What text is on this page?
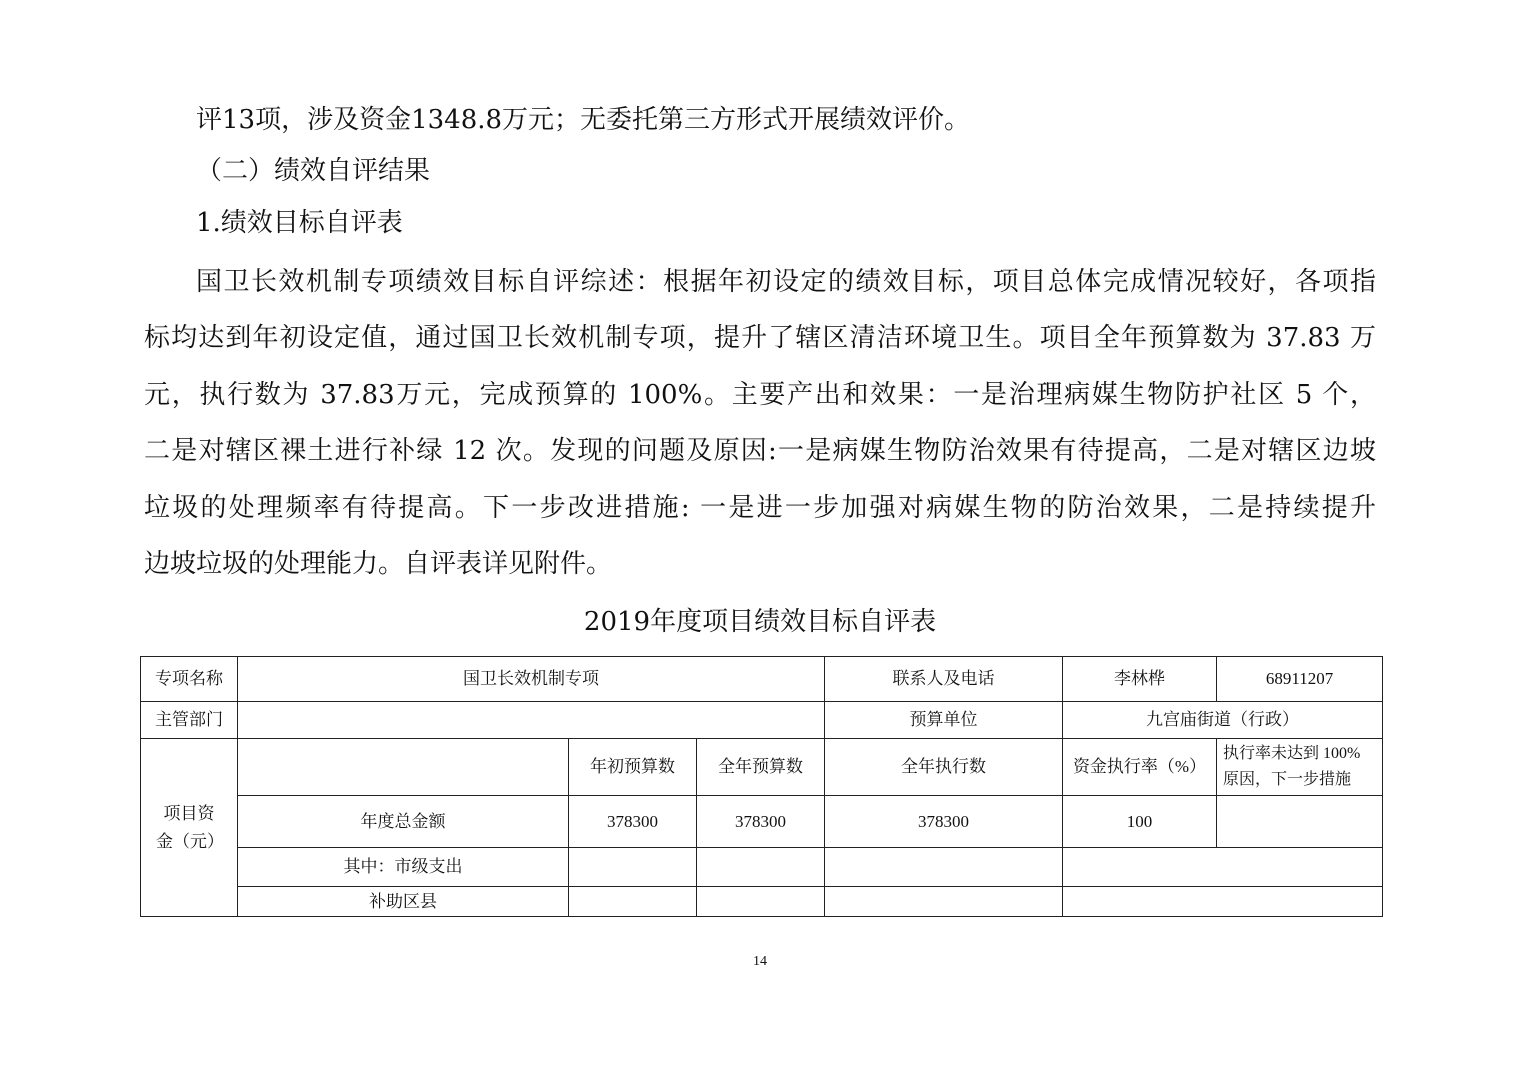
评13项，涉及资金1348.8万元；无委托第三方形式开展绩效评价。

（二）绩效自评结果

1.绩效目标自评表

国卫长效机制专项绩效目标自评综述：根据年初设定的绩效目标，项目总体完成情况较好，各项指

标均达到年初设定值，通过国卫长效机制专项，提升了辖区清洁环境卫生。项目全年预算数为 37.83 万

元，执行数为 37.83万元，完成预算的 100%。主要产出和效果：一是治理病媒生物防护社区 5 个，

二是对辖区裸土进行补绿 12 次。发现的问题及原因:一是病媒生物防治效果有待提高，二是对辖区边坡

垃圾的处理频率有待提高。下一步改进措施: 一是进一步加强对病媒生物的防治效果，二是持续提升

边坡垃圾的处理能力。自评表详见附件。

2019年度项目绩效目标自评表
专项名称	国卫长效机制专项			联系人及电话	李林桦	68911207
主管部门				预算单位	九宫庙街道（行政）	
项目资金（元）		年初预算数	全年预算数	全年执行数	资金执行率（%）	执行率未达到 100%
原因，下一步措施

	年度总金额	378300	378300	378300	100	
	其中：市级支出					
	补助区县					
14
